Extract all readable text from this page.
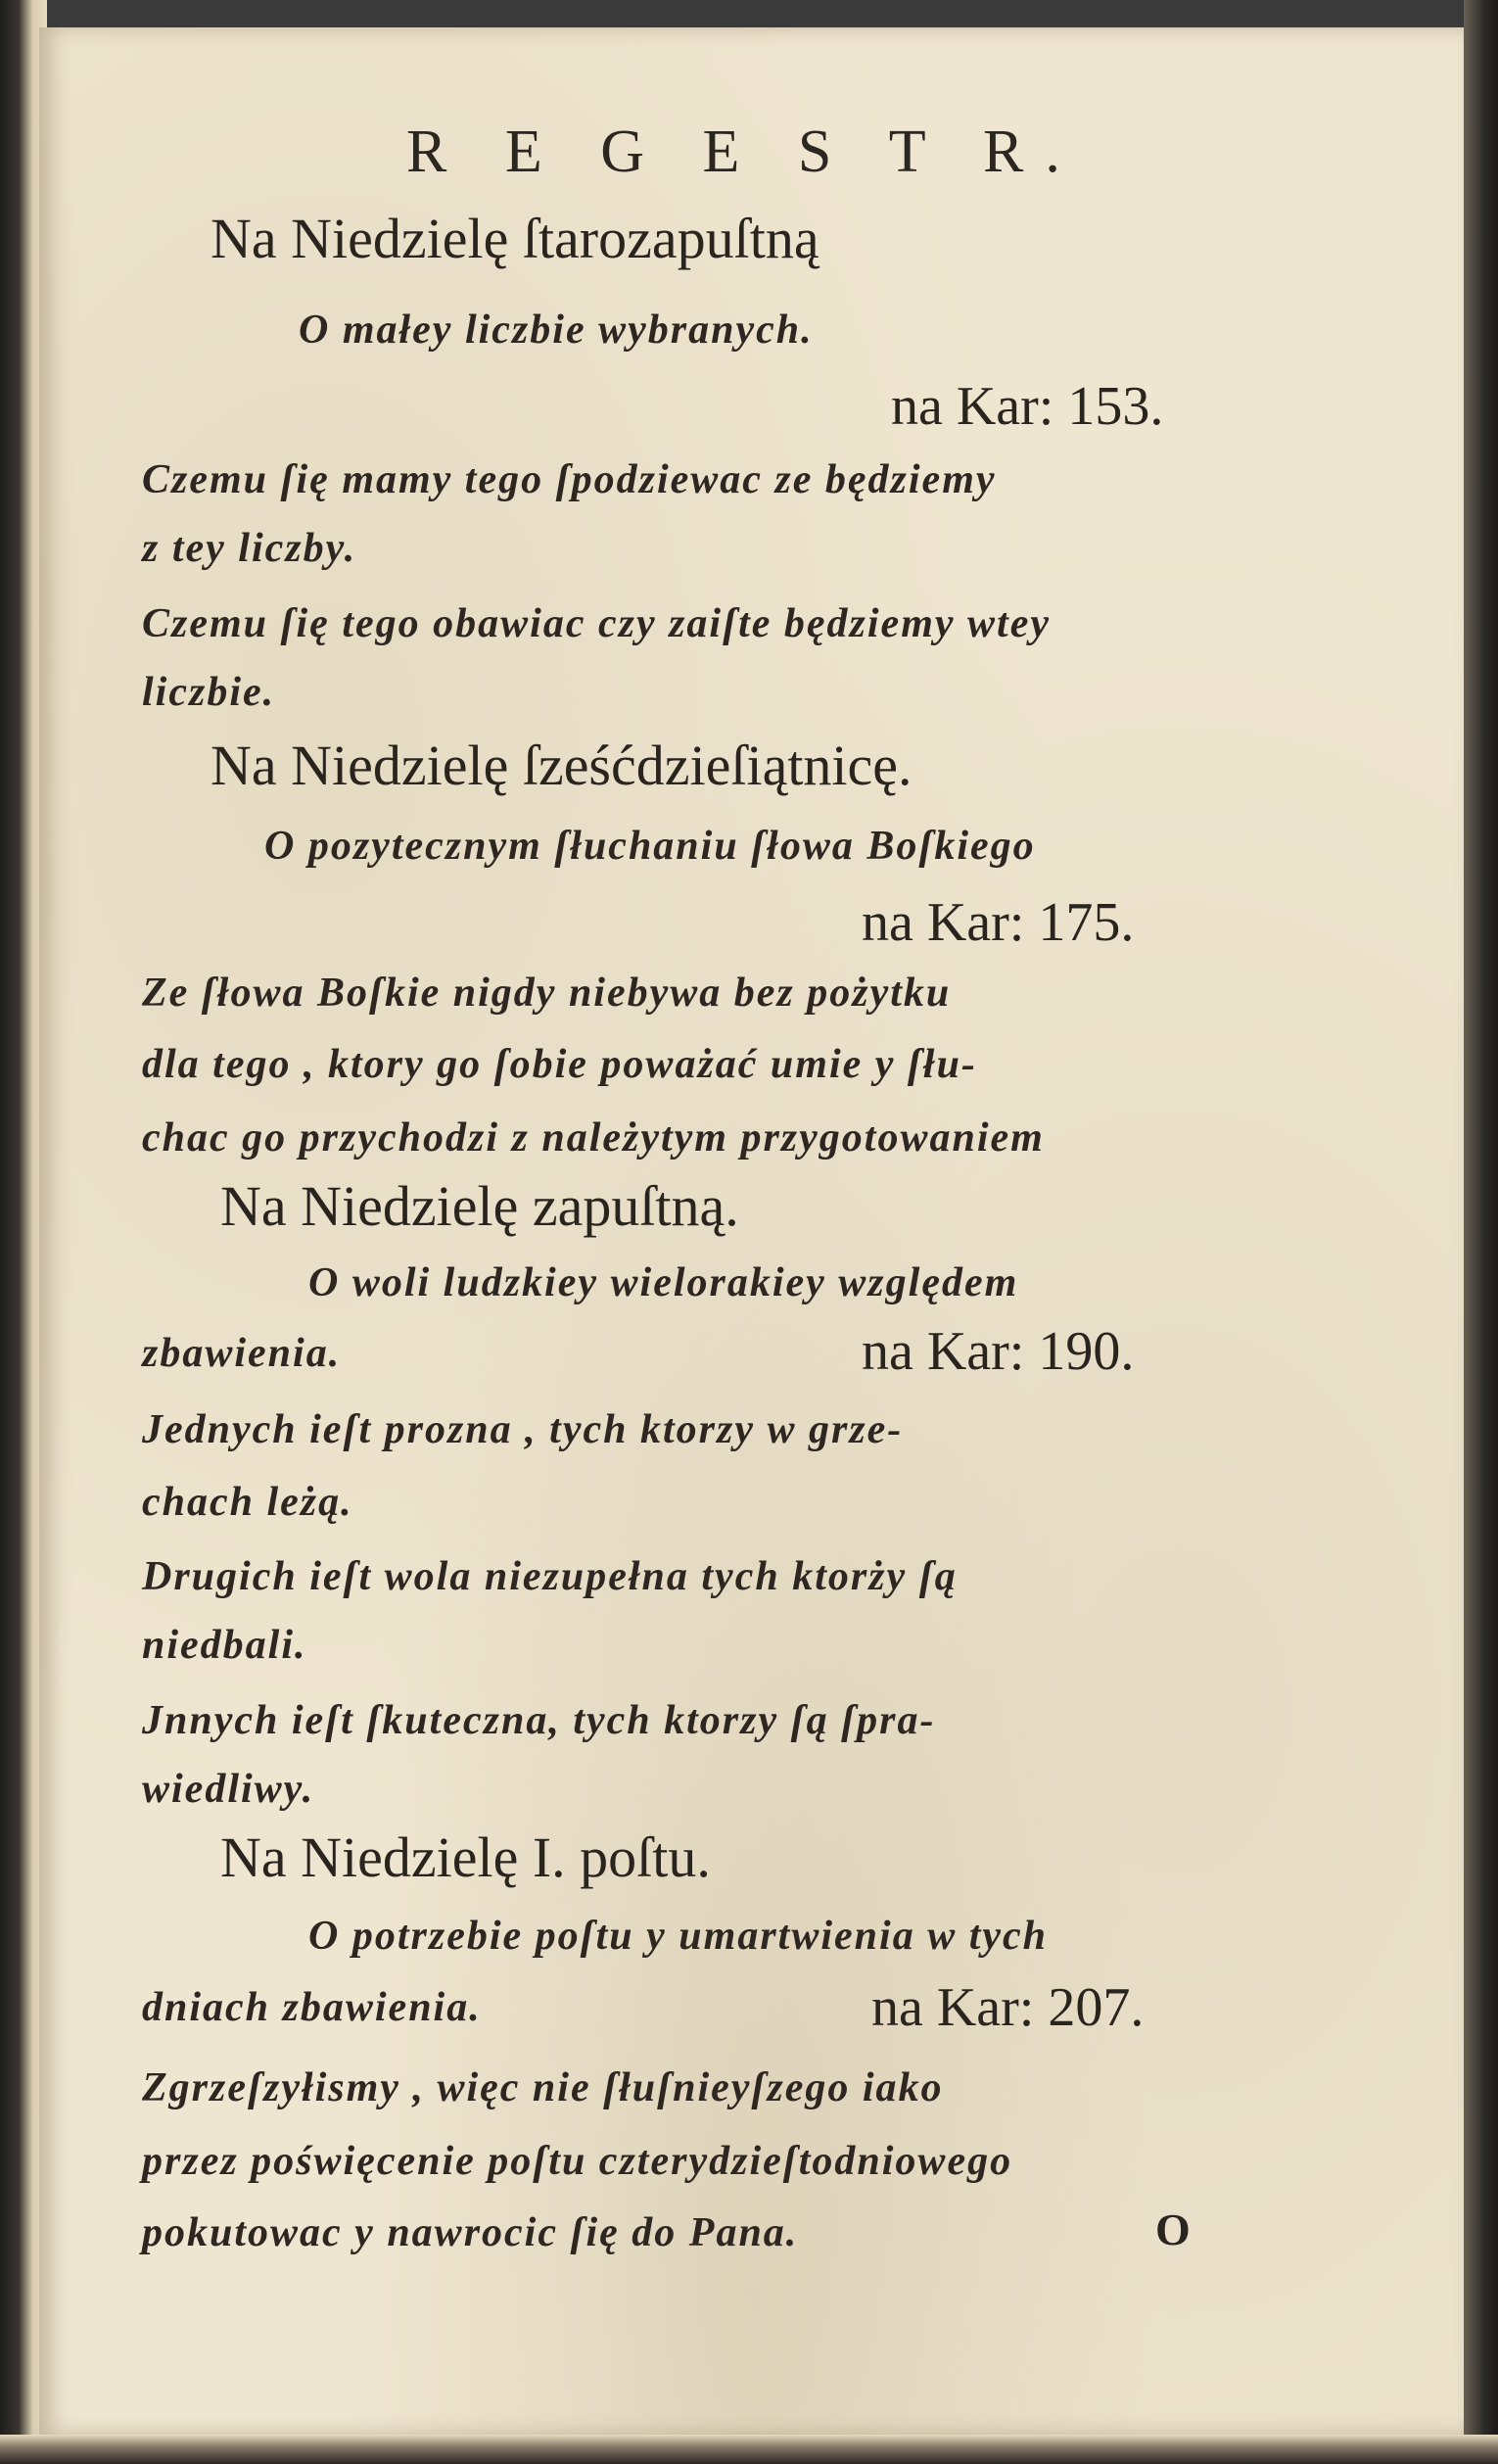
R E G E S T R.
Na Niedzielę ſtarozapuſtną
O małey liczbie wybranych.
na Kar: 153.
Czemu ſię mamy tego ſpodziewac ze będziemy
z tey liczby.
Czemu ſię tego obawiac czy zaiſte będziemy wtey
liczbie.
Na Niedzielę ſześćdzieſiątnicę.
O pozytecznym ſłuchaniu ſłowa Boſkiego
na Kar: 175.
Ze ſłowa Boſkie nigdy niebywa bez pożytku
dla tego , ktory go ſobie poważać umie y ſłu-
chac go przychodzi z należytym przygotowaniem
Na Niedzielę zapuſtną.
O woli ludzkiey wielorakiey względem
zbawienia.	na Kar: 190.
Jednych ieſt prozna , tych ktorzy w grze-
chach leżą.
Drugich ieſt wola niezupełna tych ktorży ſą
niedbali.
Jnnych ieſt ſkuteczna, tych ktorzy ſą ſpra-
wiedliwy.
Na Niedzielę I. poſtu.
O potrzebie poſtu y umartwienia w tych
dniach zbawienia.	na Kar: 207.
Zgrzeſzyłismy , więc nie ſłuſnieyſzego iako
przez poświęcenie poſtu czterydzieſtodniowego
pokutowac y nawrocic ſię do Pana.	O
